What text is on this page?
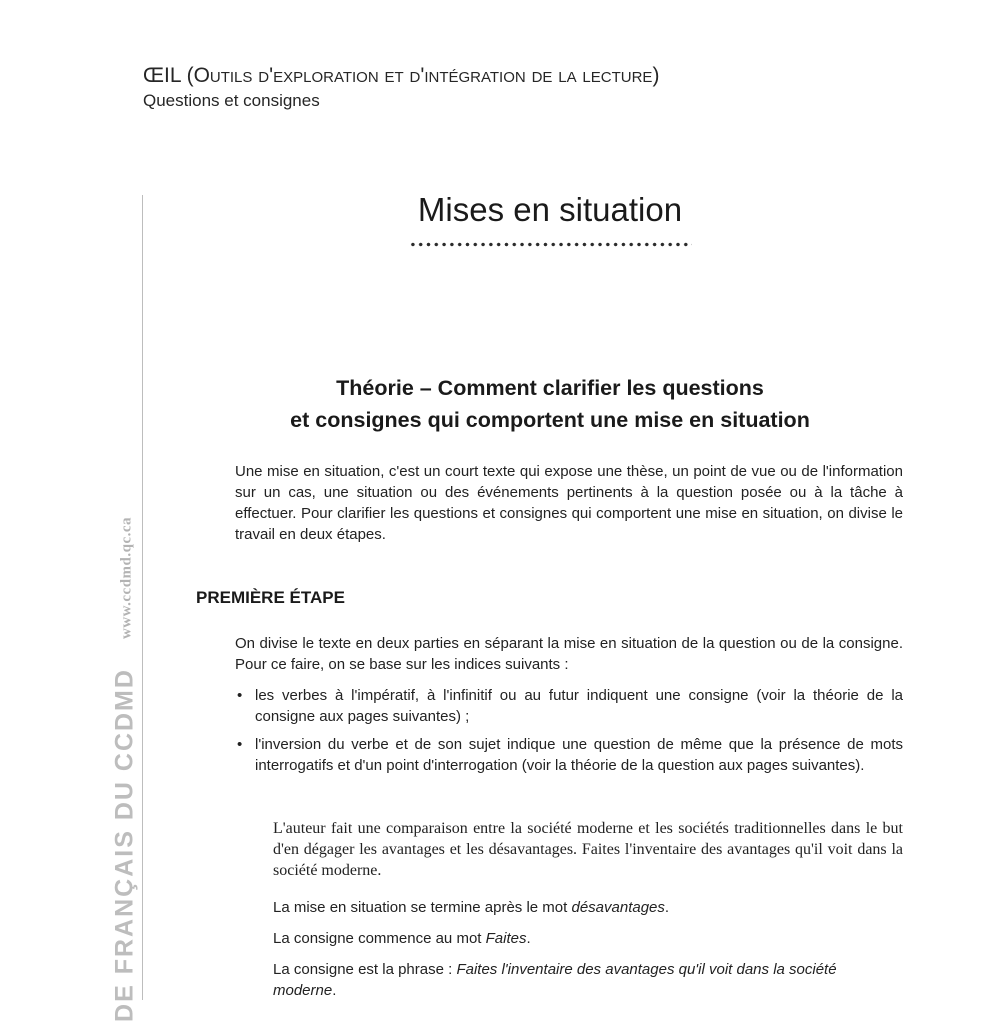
ŒIL (Outils d'exploration et d'intégration de la lecture)
Questions et consignes
www.ccdmd.qc.ca
DE FRANÇAIS DU CCDMD
Mises en situation
Théorie – Comment clarifier les questions
et consignes qui comportent une mise en situation
Une mise en situation, c'est un court texte qui expose une thèse, un point de vue ou de l'information sur un cas, une situation ou des événements pertinents à la question posée ou à la tâche à effectuer. Pour clarifier les questions et consignes qui comportent une mise en situation, on divise le travail en deux étapes.
PREMIÈRE ÉTAPE
On divise le texte en deux parties en séparant la mise en situation de la question ou de la consigne. Pour ce faire, on se base sur les indices suivants :
• les verbes à l'impératif, à l'infinitif ou au futur indiquent une consigne (voir la théorie de la consigne aux pages suivantes) ;
• l'inversion du verbe et de son sujet indique une question de même que la présence de mots interrogatifs et d'un point d'interrogation (voir la théorie de la question aux pages suivantes).
L'auteur fait une comparaison entre la société moderne et les sociétés traditionnelles dans le but d'en dégager les avantages et les désavantages. Faites l'inventaire des avantages qu'il voit dans la société moderne.
La mise en situation se termine après le mot désavantages.
La consigne commence au mot Faites.
La consigne est la phrase : Faites l'inventaire des avantages qu'il voit dans la société moderne.
